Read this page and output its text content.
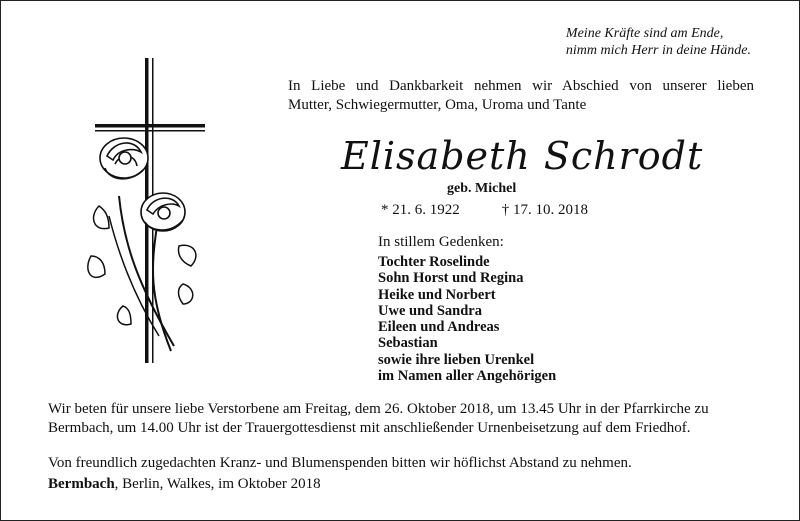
Meine Kräfte sind am Ende,
nimm mich Herr in deine Hände.
In Liebe und Dankbarkeit nehmen wir Abschied von unserer lieben
Mutter, Schwiegermutter, Oma, Uroma und Tante
Elisabeth Schrodt
geb. Michel
* 21. 6. 1922	† 17. 10. 2018
In stillem Gedenken:
Tochter Roselinde
Sohn Horst und Regina
Heike und Norbert
Uwe und Sandra
Eileen und Andreas
Sebastian
sowie ihre lieben Urenkel
im Namen aller Angehörigen
Wir beten für unsere liebe Verstorbene am Freitag, dem 26. Oktober 2018, um 13.45 Uhr in der Pfarrkirche zu Bermbach, um 14.00 Uhr ist der Trauergottesdienst mit anschließender Urnenbeisetzung auf dem Friedhof.
Von freundlich zugedachten Kranz- und Blumenspenden bitten wir höflichst Abstand zu nehmen.
Bermbach, Berlin, Walkes, im Oktober 2018
